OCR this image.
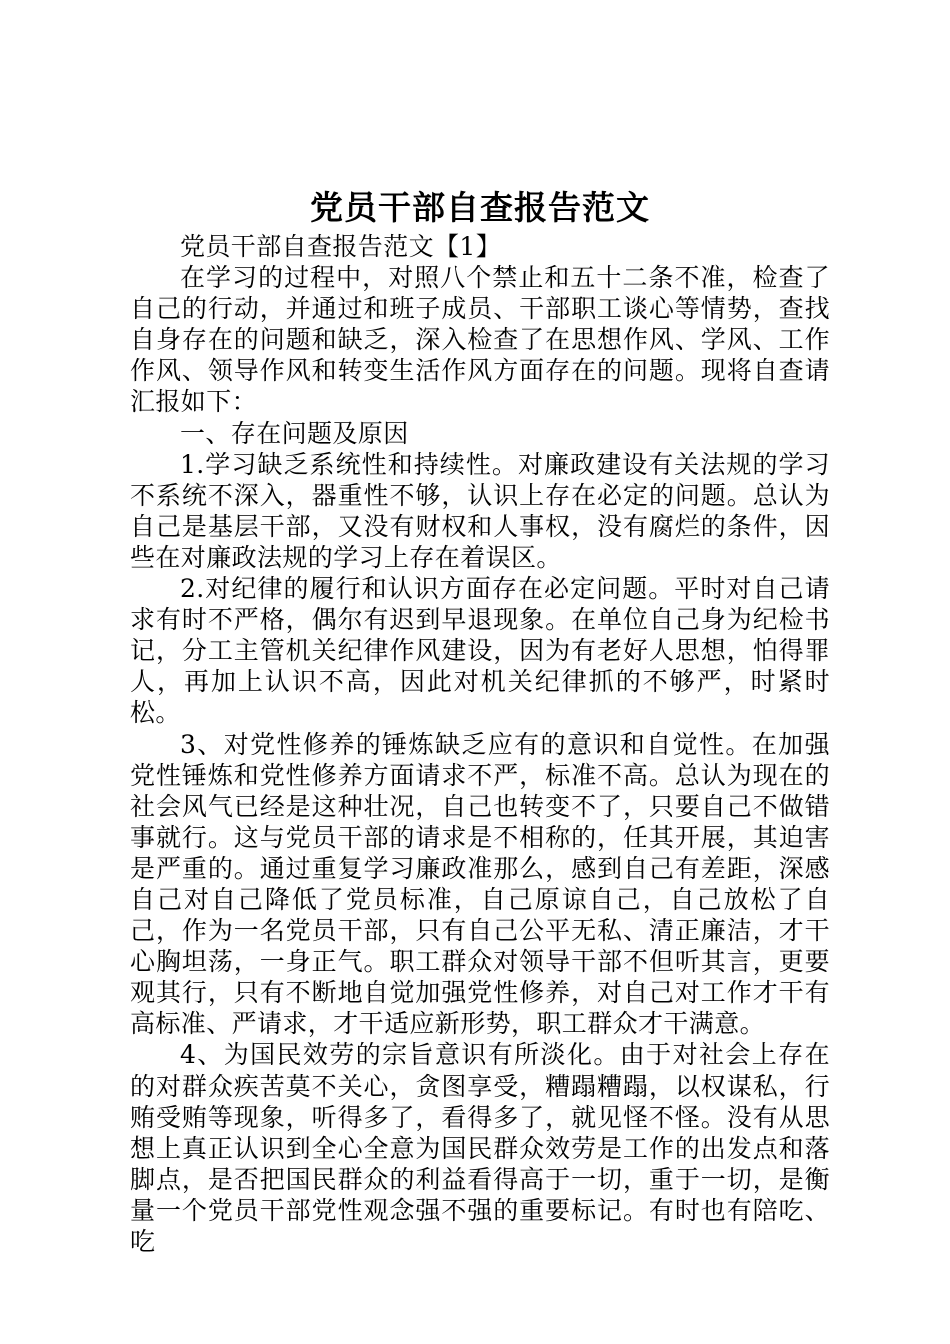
党员干部自查报告范文

党员干部自查报告范文【1】

在学习的过程中，对照八个禁止和五十二条不准，检查了自己的行动，并通过和班子成员、干部职工谈心等情势，查找自身存在的问题和缺乏，深入检查了在思想作风、学风、工作作风、领导作风和转变生活作风方面存在的问题。现将自查请汇报如下：

一、存在问题及原因

1.学习缺乏系统性和持续性。对廉政建设有关法规的学习不系统不深入，器重性不够，认识上存在必定的问题。总认为自己是基层干部，又没有财权和人事权，没有腐烂的条件，因些在对廉政法规的学习上存在着误区。

2.对纪律的履行和认识方面存在必定问题。平时对自己请求有时不严格，偶尔有迟到早退现象。在单位自己身为纪检书记，分工主管机关纪律作风建设，因为有老好人思想，怕得罪人，再加上认识不高，因此对机关纪律抓的不够严，时紧时松。

3、对党性修养的锤炼缺乏应有的意识和自觉性。在加强党性锤炼和党性修养方面请求不严，标准不高。总认为现在的社会风气已经是这种壮况，自己也转变不了，只要自己不做错事就行。这与党员干部的请求是不相称的，任其开展，其迫害是严重的。通过重复学习廉政准那么，感到自己有差距，深感自己对自己降低了党员标准，自己原谅自己，自己放松了自己，作为一名党员干部，只有自己公平无私、清正廉洁，才干心胸坦荡，一身正气。职工群众对领导干部不但听其言，更要观其行，只有不断地自觉加强党性修养，对自己对工作才干有高标准、严请求，才干适应新形势，职工群众才干满意。

4、为国民效劳的宗旨意识有所淡化。由于对社会上存在的对群众疾苦莫不关心，贪图享受，糟蹋糟蹋，以权谋私，行贿受贿等现象，听得多了，看得多了，就见怪不怪。没有从思想上真正认识到全心全意为国民群众效劳是工作的出发点和落脚点，是否把国民群众的利益看得高于一切，重于一切，是衡量一个党员干部党性观念强不强的重要标记。有时也有陪吃、吃
